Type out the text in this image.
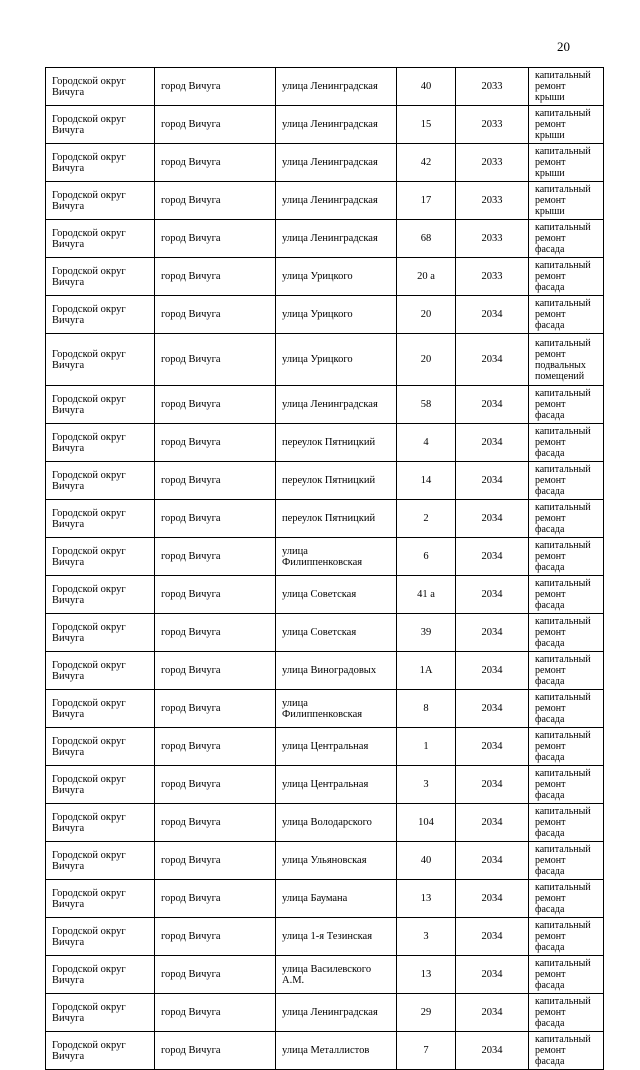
20
Городской округ Вичуга	город Вичуга	улица Ленинградская	40	2033	капитальный ремонт крыши
Городской округ Вичуга	город Вичуга	улица Ленинградская	15	2033	капитальный ремонт крыши
Городской округ Вичуга	город Вичуга	улица Ленинградская	42	2033	капитальный ремонт крыши
Городской округ Вичуга	город Вичуга	улица Ленинградская	17	2033	капитальный ремонт крыши
Городской округ Вичуга	город Вичуга	улица Ленинградская	68	2033	капитальный ремонт фасада
Городской округ Вичуга	город Вичуга	улица Урицкого	20 а	2033	капитальный ремонт фасада
Городской округ Вичуга	город Вичуга	улица Урицкого	20	2034	капитальный ремонт фасада
Городской округ Вичуга	город Вичуга	улица Урицкого	20	2034	капитальный ремонт подвальных помещений
Городской округ Вичуга	город Вичуга	улица Ленинградская	58	2034	капитальный ремонт фасада
Городской округ Вичуга	город Вичуга	переулок Пятницкий	4	2034	капитальный ремонт фасада
Городской округ Вичуга	город Вичуга	переулок Пятницкий	14	2034	капитальный ремонт фасада
Городской округ Вичуга	город Вичуга	переулок Пятницкий	2	2034	капитальный ремонт фасада
Городской округ Вичуга	город Вичуга	улица Филиппенковская	6	2034	капитальный ремонт фасада
Городской округ Вичуга	город Вичуга	улица Советская	41 а	2034	капитальный ремонт фасада
Городской округ Вичуга	город Вичуга	улица Советская	39	2034	капитальный ремонт фасада
Городской округ Вичуга	город Вичуга	улица Виноградовых	1А	2034	капитальный ремонт фасада
Городской округ Вичуга	город Вичуга	улица Филиппенковская	8	2034	капитальный ремонт фасада
Городской округ Вичуга	город Вичуга	улица Центральная	1	2034	капитальный ремонт фасада
Городской округ Вичуга	город Вичуга	улица Центральная	3	2034	капитальный ремонт фасада
Городской округ Вичуга	город Вичуга	улица Володарского	104	2034	капитальный ремонт фасада
Городской округ Вичуга	город Вичуга	улица Ульяновская	40	2034	капитальный ремонт фасада
Городской округ Вичуга	город Вичуга	улица Баумана	13	2034	капитальный ремонт фасада
Городской округ Вичуга	город Вичуга	улица 1-я Тезинская	3	2034	капитальный ремонт фасада
Городской округ Вичуга	город Вичуга	улица Василевского А.М.	13	2034	капитальный ремонт фасада
Городской округ Вичуга	город Вичуга	улица Ленинградская	29	2034	капитальный ремонт фасада
Городской округ Вичуга	город Вичуга	улица Металлистов	7	2034	капитальный ремонт фасада
